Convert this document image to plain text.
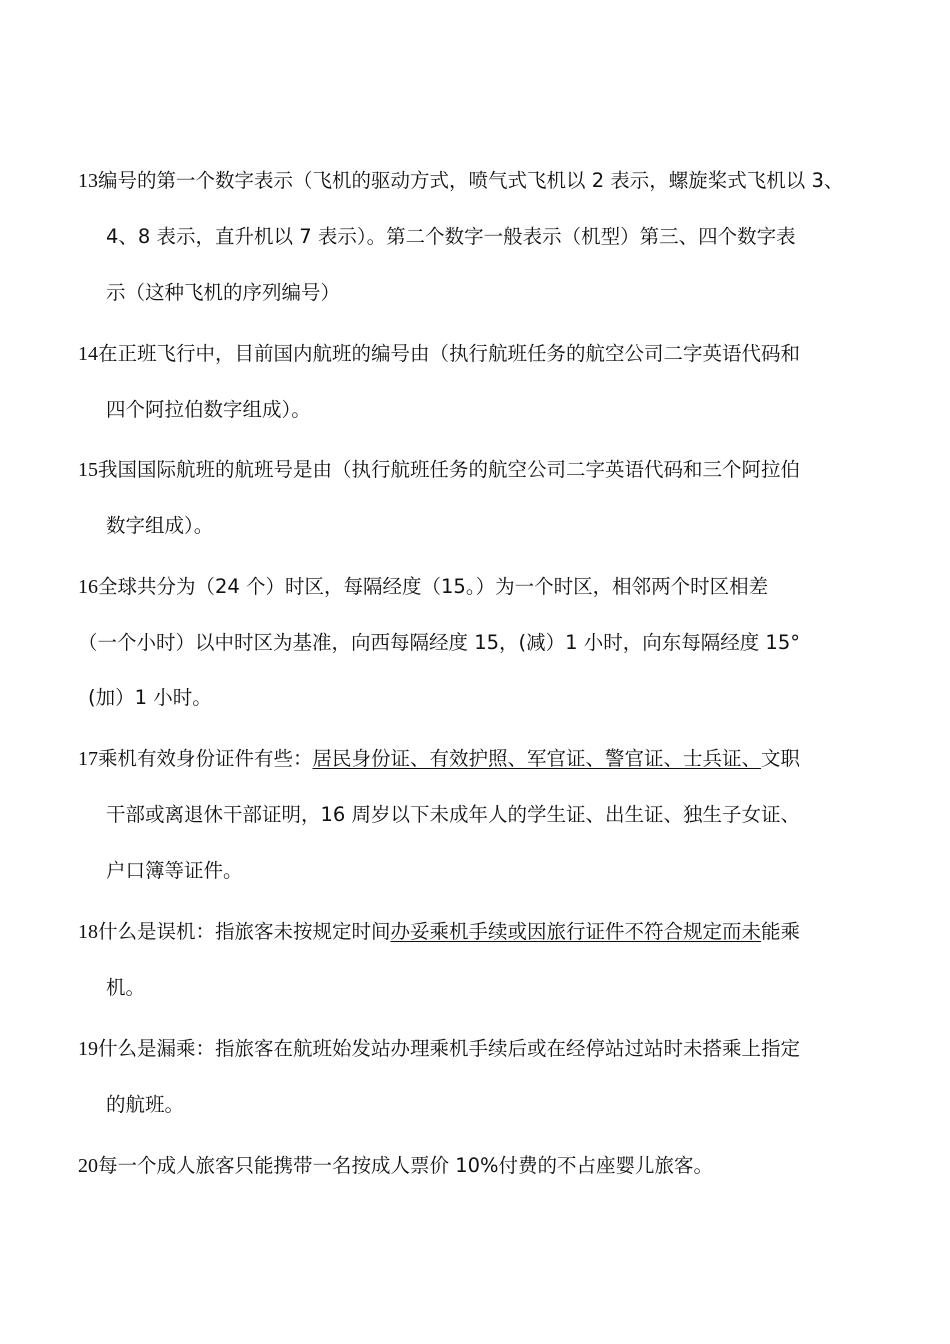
13编号的第一个数字表示（飞机的驱动方式，喷气式飞机以 2 表示，螺旋桨式飞机以 3、
4、8 表示，直升机以 7 表示）。第二个数字一般表示（机型）第三、四个数字表
示（这种飞机的序列编号）
14在正班飞行中，目前国内航班的编号由（执行航班任务的航空公司二字英语代码和
四个阿拉伯数字组成）。
15我国国际航班的航班号是由（执行航班任务的航空公司二字英语代码和三个阿拉伯
数字组成）。
16全球共分为（24 个）时区，每隔经度（15。）为一个时区，相邻两个时区相差
（一个小时）以中时区为基准，向西每隔经度 15，(减）1 小时，向东每隔经度 15°
(加）1 小时。
17乘机有效身份证件有些：居民身份证、有效护照、军官证、警官证、士兵证、文职
干部或离退休干部证明，16 周岁以下未成年人的学生证、出生证、独生子女证、
户口簿等证件。
18什么是误机：指旅客未按规定时间办妥乘机手续或因旅行证件不符合规定而未能乘
机。
19什么是漏乘：指旅客在航班始发站办理乘机手续后或在经停站过站时未搭乘上指定
的航班。
20每一个成人旅客只能携带一名按成人票价 10%付费的不占座婴儿旅客。
